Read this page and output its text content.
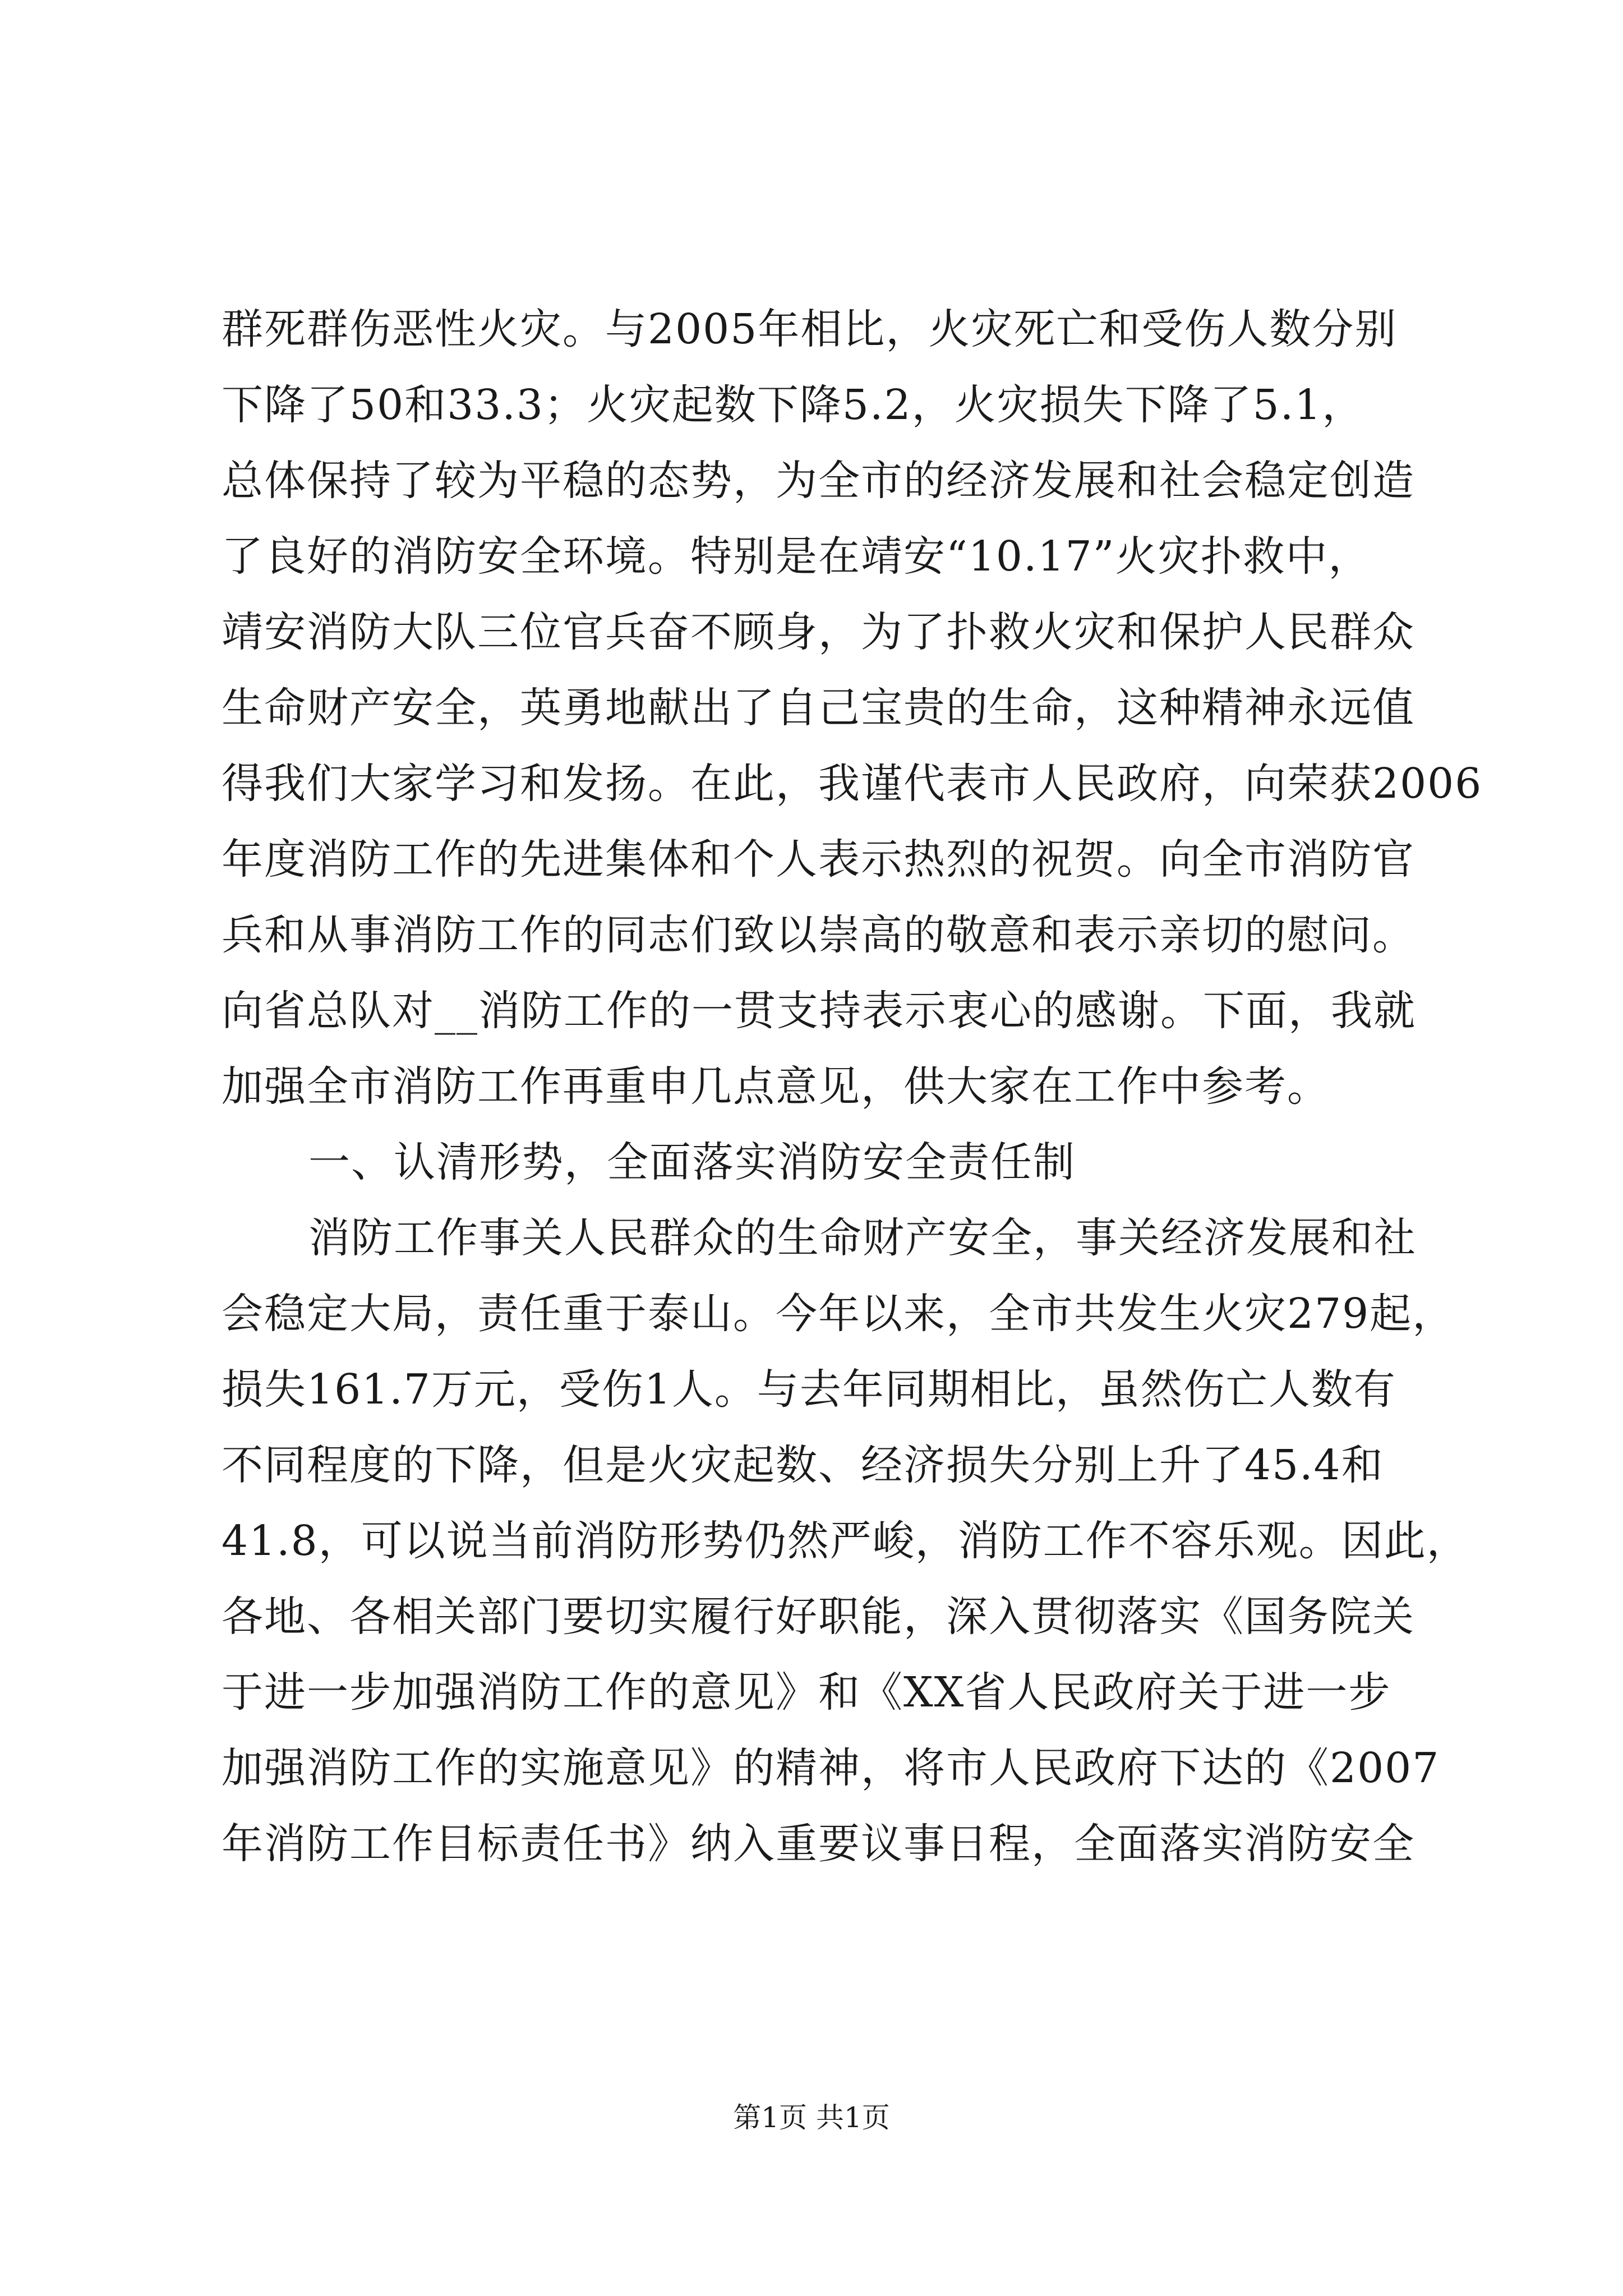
群死群伤恶性火灾。与2005年相比，火灾死亡和受伤人数分别
下降了50和33.3；火灾起数下降5.2，火灾损失下降了5.1，
总体保持了较为平稳的态势，为全市的经济发展和社会稳定创造
了良好的消防安全环境。特别是在靖安“10.17”火灾扑救中，
靖安消防大队三位官兵奋不顾身，为了扑救火灾和保护人民群众
生命财产安全，英勇地献出了自己宝贵的生命，这种精神永远值
得我们大家学习和发扬。在此，我谨代表市人民政府，向荣获2006
年度消防工作的先进集体和个人表示热烈的祝贺。向全市消防官
兵和从事消防工作的同志们致以崇高的敬意和表示亲切的慰问。
向省总队对__消防工作的一贯支持表示衷心的感谢。下面，我就
加强全市消防工作再重申几点意见，供大家在工作中参考。
一、认清形势，全面落实消防安全责任制
消防工作事关人民群众的生命财产安全，事关经济发展和社
会稳定大局，责任重于泰山。今年以来，全市共发生火灾279起，
损失161.7万元，受伤1人。与去年同期相比，虽然伤亡人数有
不同程度的下降，但是火灾起数、经济损失分别上升了45.4和
41.8，可以说当前消防形势仍然严峻，消防工作不容乐观。因此，
各地、各相关部门要切实履行好职能，深入贯彻落实《国务院关
于进一步加强消防工作的意见》和《XX省人民政府关于进一步
加强消防工作的实施意见》的精神，将市人民政府下达的《2007
年消防工作目标责任书》纳入重要议事日程，全面落实消防安全
第1页 共1页
